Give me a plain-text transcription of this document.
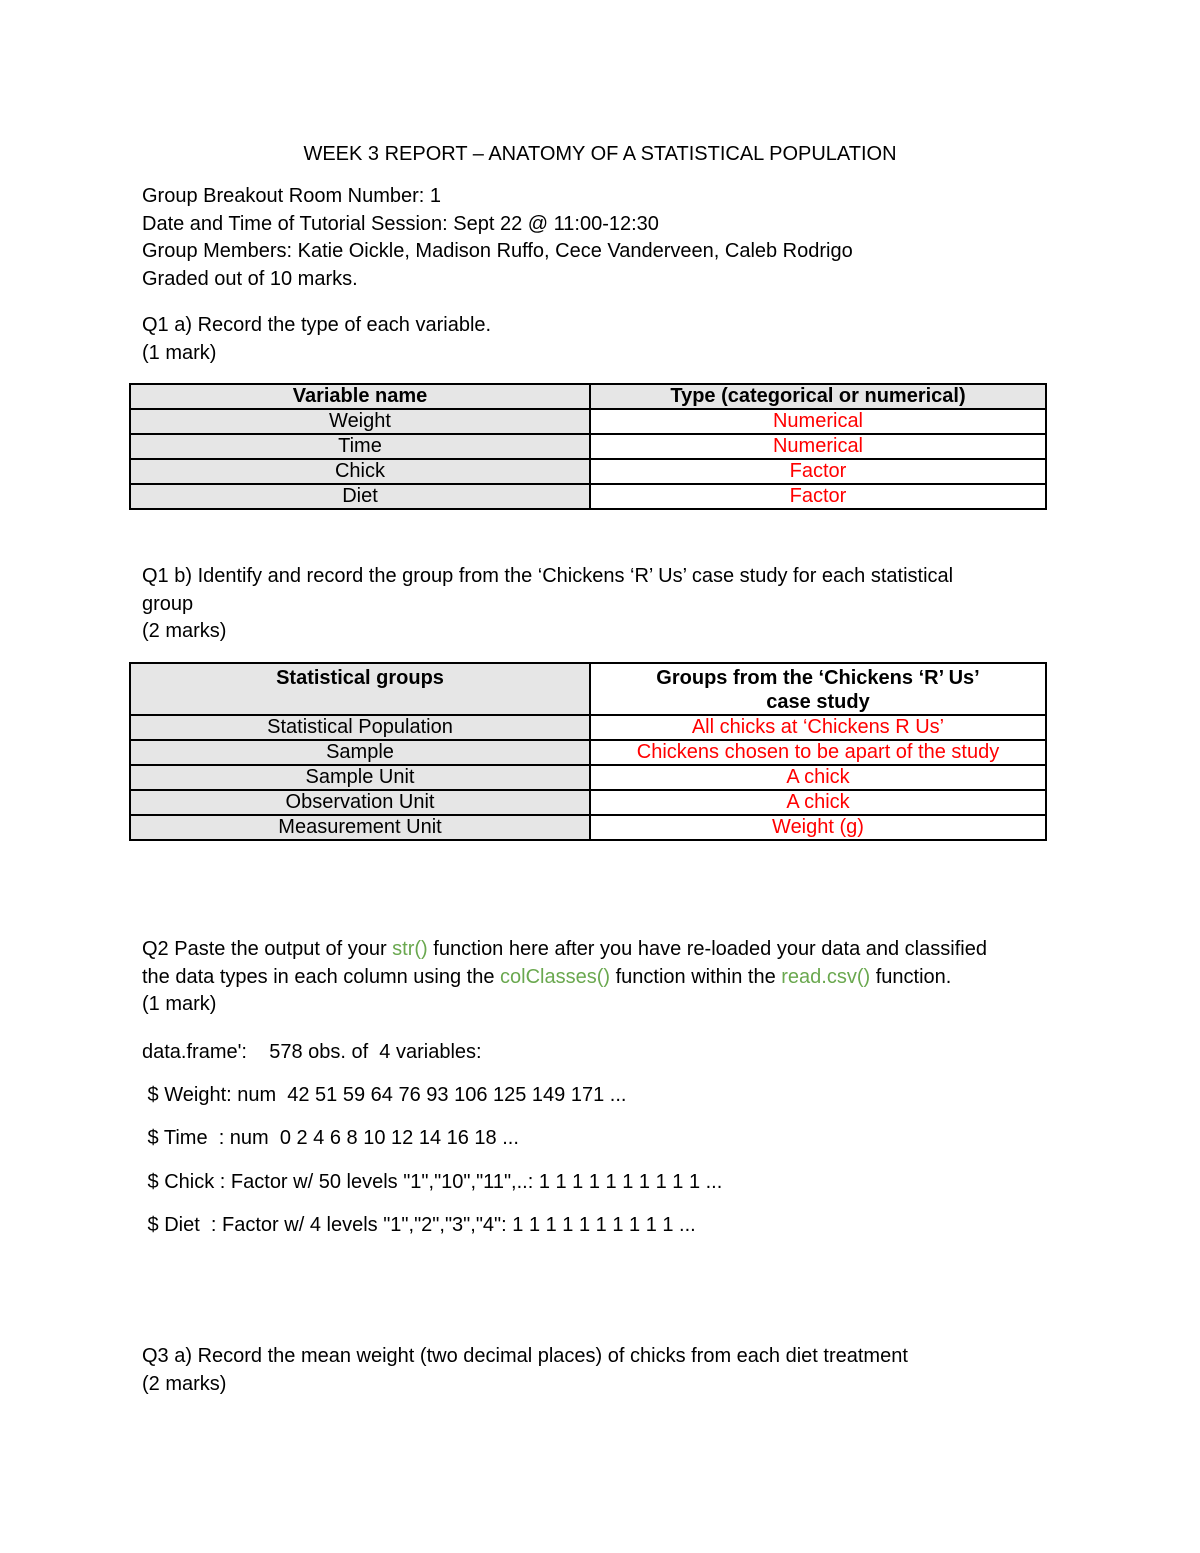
WEEK 3 REPORT – ANATOMY OF A STATISTICAL POPULATION
Group Breakout Room Number: 1
Date and Time of Tutorial Session: Sept 22 @ 11:00-12:30
Group Members: Katie Oickle, Madison Ruffo, Cece Vanderveen, Caleb Rodrigo
Graded out of 10 marks.
Q1 a) Record the type of each variable.
(1 mark)
Variable name	Type (categorical or numerical)
Weight	Numerical
Time	Numerical
Chick	Factor
Diet	Factor
Q1 b) Identify and record the group from the ‘Chickens ‘R’ Us’ case study for each statistical
group
(2 marks)
Statistical groups	Groups from the ‘Chickens ‘R’ Us’
case study

Statistical Population	All chicks at ‘Chickens R Us’
Sample	Chickens chosen to be apart of the study
Sample Unit	A chick
Observation Unit	A chick
Measurement Unit	Weight (g)
Q2 Paste the output of your str() function here after you have re-loaded your data and classified
the data types in each column using the colClasses() function within the read.csv() function.
(1 mark)
data.frame':    578 obs. of  4 variables:
$ Weight: num  42 51 59 64 76 93 106 125 149 171 ...
$ Time  : num  0 2 4 6 8 10 12 14 16 18 ...
$ Chick : Factor w/ 50 levels "1","10","11",..: 1 1 1 1 1 1 1 1 1 1 ...
$ Diet  : Factor w/ 4 levels "1","2","3","4": 1 1 1 1 1 1 1 1 1 1 ...
Q3 a) Record the mean weight (two decimal places) of chicks from each diet treatment
(2 marks)
